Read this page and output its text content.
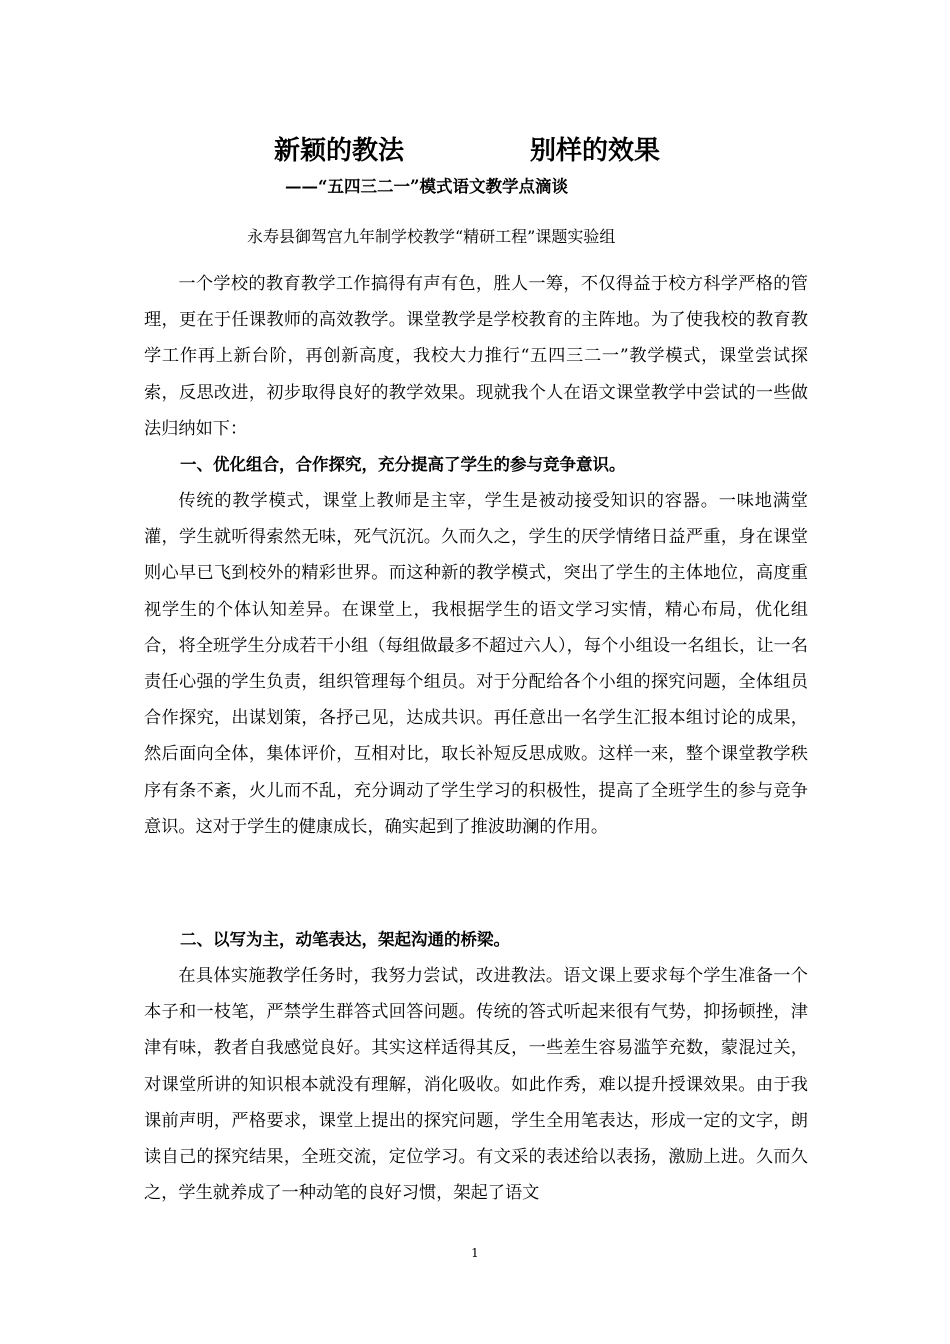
新颖的教法	别样的效果
——“五四三二一”模式语文教学点滴谈
永寿县御驾宫九年制学校教学“精研工程”课题实验组

一个学校的教育教学工作搞得有声有色，胜人一筹，不仅得益于校方科学严格的管理，更在于任课教师的高效教学。课堂教学是学校教育的主阵地。为了使我校的教育教学工作再上新台阶，再创新高度，我校大力推行“五四三二一”教学模式，课堂尝试探索，反思改进，初步取得良好的教学效果。现就我个人在语文课堂教学中尝试的一些做法归纳如下：

一、优化组合，合作探究，充分提高了学生的参与竞争意识。

传统的教学模式，课堂上教师是主宰，学生是被动接受知识的容器。一味地满堂灌，学生就听得索然无味，死气沉沉。久而久之，学生的厌学情绪日益严重，身在课堂则心早已飞到校外的精彩世界。而这种新的教学模式，突出了学生的主体地位，高度重视学生的个体认知差异。在课堂上，我根据学生的语文学习实情，精心布局，优化组合，将全班学生分成若干小组（每组做最多不超过六人），每个小组设一名组长，让一名责任心强的学生负责，组织管理每个组员。对于分配给各个小组的探究问题，全体组员合作探究，出谋划策，各抒己见，达成共识。再任意出一名学生汇报本组讨论的成果，然后面向全体，集体评价，互相对比，取长补短反思成败。这样一来，整个课堂教学秩序有条不紊，火儿而不乱，充分调动了学生学习的积极性，提高了全班学生的参与竞争意识。这对于学生的健康成长，确实起到了推波助澜的作用。

二、以写为主，动笔表达，架起沟通的桥梁。

在具体实施教学任务时，我努力尝试，改进教法。语文课上要求每个学生准备一个本子和一枝笔，严禁学生群答式回答问题。传统的答式听起来很有气势，抑扬顿挫，津津有味，教者自我感觉良好。其实这样适得其反，一些差生容易滥竽充数，蒙混过关，对课堂所讲的知识根本就没有理解，消化吸收。如此作秀，难以提升授课效果。由于我课前声明，严格要求，课堂上提出的探究问题，学生全用笔表达，形成一定的文字，朗读自己的探究结果，全班交流，定位学习。有文采的表述给以表扬，激励上进。久而久之，学生就养成了一种动笔的良好习惯，架起了语文

1
